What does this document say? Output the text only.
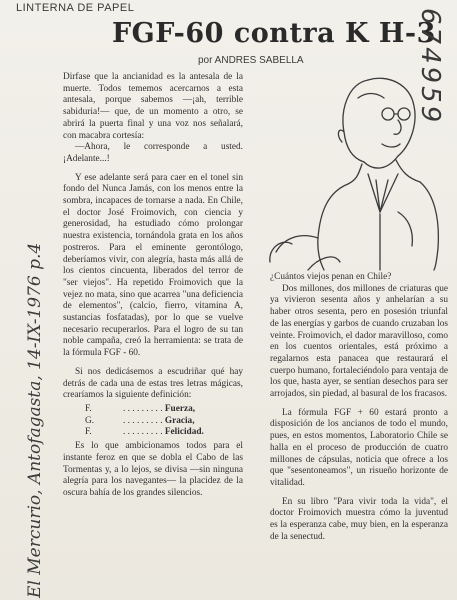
LINTERNA DE PAPEL
FGF-60 contra K H-3
por ANDRES SABELLA	674959
El Mercurio, Antofagasta, 14-IX-1976 p.4

Dirfase que la ancianidad es la antesala de la muerte. Todos tememos acercarnos a esta antesala, porque sabemos —¡ah, terrible sabiduria!— que, de un momento a otro, se abrirá la puerta final y una voz nos señalará, con macabra cortesía:

—Ahora, le corresponde a usted. ¡Adelante...!

Y ese adelante será para caer en el tonel sin fondo del Nunca Jamás, con los menos entre la sombra, incapaces de tornarse a nada. En Chile, el doctor José Froimovich, con ciencia y generosidad, ha estudiado cómo prolongar nuestra existencia, tornándola grata en los años postreros. Para el eminente gerontólogo, deberíamos vivir, con alegría, hasta más allá de los cientos cincuenta, liberados del terror de "ser viejos". Ha repetido Froimovich que la vejez no mata, sino que acarrea "una deficiencia de elementos", (calcio, fierro, vitamina A, sustancias fosfatadas), por lo que se vuelve necesario recuperarlos. Para el logro de su tan noble campaña, creó la herramienta: se trata de la fórmula FGF - 60.

Si nos dedicásemos a escudriñar qué hay detrás de cada una de estas tres letras mágicas, crearíamos la siguiente definición:

F.	. . . . . . . . . Fuerza,
G.	. . . . . . . . . Gracia,
F.	. . . . . . . . . Felicidad.

Es lo que ambicionamos todos para el instante feroz en que se dobla el Cabo de las Tormentas y, a lo lejos, se divisa —sin ninguna alegría para los navegantes— la placidez de la oscura bahía de los grandes silencios.

¿Cuántos viejos penan en Chile?

Dos millones, dos millones de criaturas que ya vivieron sesenta años y anhelarían a su haber otros sesenta, pero en posesión triunfal de las energías y garbos de cuando cruzaban los veinte. Froimovich, el dador maravilloso, como en los cuentos orientales, está próximo a regalarnos esta panacea que restaurará el cuerpo humano, fortaleciéndolo para ventaja de los que, hasta ayer, se sentían desechos para ser arrojados, sin piedad, al basural de los fracasos.

La fórmula FGF + 60 estará pronto a disposición de los ancianos de todo el mundo, pues, en estos momentos, Laboratorio Chile se halla en el proceso de producción de cuatro millones de cápsulas, noticia que ofrece a los que "sesentoneamos", un risueño horizonte de vitalidad.

En su libro "Para vivir toda la vida", el doctor Froimovich muestra cómo la juventud es la esperanza cabe, muy bien, en la esperanza de la senectud.
